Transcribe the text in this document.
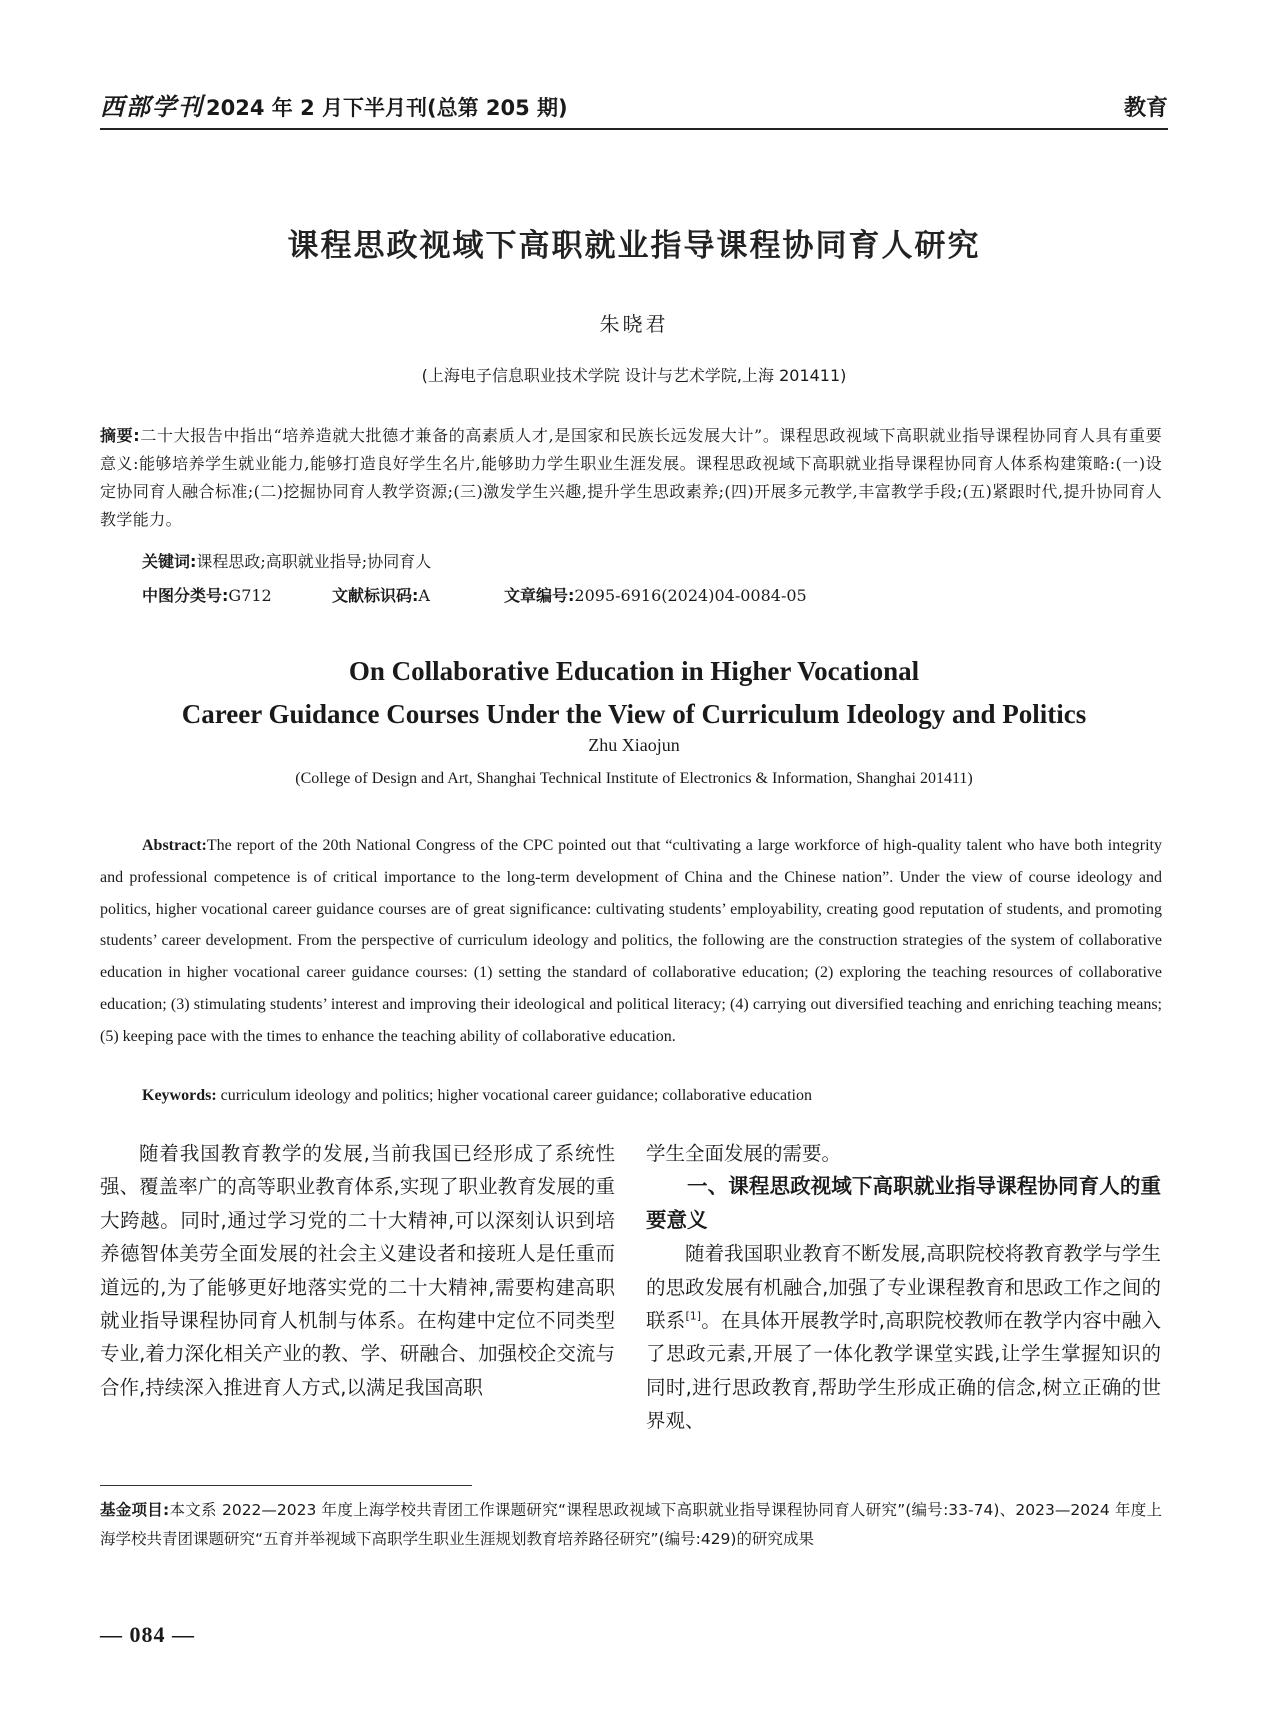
西部学刊 2024 年 2 月下半月刊(总第 205 期)	教育
课程思政视域下高职就业指导课程协同育人研究
朱晓君
(上海电子信息职业技术学院 设计与艺术学院,上海 201411)
摘要:二十大报告中指出“培养造就大批德才兼备的高素质人才,是国家和民族长远发展大计”。课程思政视域下高职就业指导课程协同育人具有重要意义:能够培养学生就业能力,能够打造良好学生名片,能够助力学生职业生涯发展。课程思政视域下高职就业指导课程协同育人体系构建策略:(一)设定协同育人融合标准;(二)挖掘协同育人教学资源;(三)激发学生兴趣,提升学生思政素养;(四)开展多元教学,丰富教学手段;(五)紧跟时代,提升协同育人教学能力。
关键词:课程思政;高职就业指导;协同育人
中图分类号:G712	文献标识码:A	文章编号:2095-6916(2024)04-0084-05
On Collaborative Education in Higher Vocational
Career Guidance Courses Under the View of Curriculum Ideology and Politics
Zhu Xiaojun
(College of Design and Art, Shanghai Technical Institute of Electronics & Information, Shanghai 201411)
Abstract:The report of the 20th National Congress of the CPC pointed out that “cultivating a large workforce of high-quality talent who have both integrity and professional competence is of critical importance to the long-term development of China and the Chinese nation”. Under the view of course ideology and politics, higher vocational career guidance courses are of great significance: cultivating students’ employability, creating good reputation of students, and promoting students’ career development. From the perspective of curriculum ideology and politics, the following are the construction strategies of the system of collaborative education in higher vocational career guidance courses: (1) setting the standard of collaborative education; (2) exploring the teaching resources of collaborative education; (3) stimulating students’ interest and improving their ideological and political literacy; (4) carrying out diversified teaching and enriching teaching means; (5) keeping pace with the times to enhance the teaching ability of collaborative education.
Keywords: curriculum ideology and politics; higher vocational career guidance; collaborative education

随着我国教育教学的发展,当前我国已经形成了系统性强、覆盖率广的高等职业教育体系,实现了职业教育发展的重大跨越。同时,通过学习党的二十大精神,可以深刻认识到培养德智体美劳全面发展的社会主义建设者和接班人是任重而道远的,为了能够更好地落实党的二十大精神,需要构建高职就业指导课程协同育人机制与体系。在构建中定位不同类型专业,着力深化相关产业的教、学、研融合、加强校企交流与合作,持续深入推进育人方式,以满足我国高职

学生全面发展的需要。

一、课程思政视域下高职就业指导课程协同育人的重要意义

随着我国职业教育不断发展,高职院校将教育教学与学生的思政发展有机融合,加强了专业课程教育和思政工作之间的联系[1]。在具体开展教学时,高职院校教师在教学内容中融入了思政元素,开展了一体化教学课堂实践,让学生掌握知识的同时,进行思政教育,帮助学生形成正确的信念,树立正确的世界观、

基金项目:本文系 2022—2023 年度上海学校共青团工作课题研究“课程思政视域下高职就业指导课程协同育人研究”(编号:33-74)、2023—2024 年度上海学校共青团课题研究“五育并举视域下高职学生职业生涯规划教育培养路径研究”(编号:429)的研究成果
— 084 —
